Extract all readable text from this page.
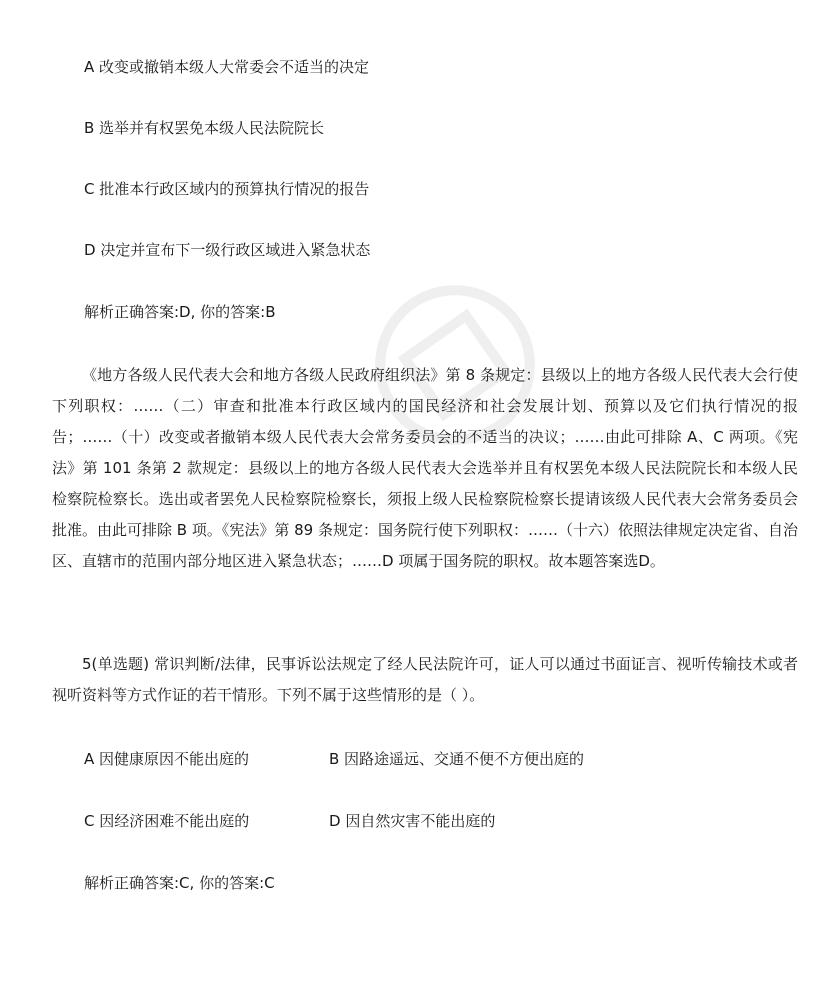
A 改变或撤销本级人大常委会不适当的决定
B 选举并有权罢免本级人民法院院长
C 批准本行政区域内的预算执行情况的报告
D 决定并宣布下一级行政区域进入紧急状态
解析正确答案:D, 你的答案:B

《地方各级人民代表大会和地方各级人民政府组织法》第 8 条规定：县级以上的地方各级人民代表大会行使下列职权：……（二）审查和批准本行政区域内的国民经济和社会发展计划、预算以及它们执行情况的报告；……（十）改变或者撤销本级人民代表大会常务委员会的不适当的决议；……由此可排除 A、C 两项。《宪法》第 101 条第 2 款规定：县级以上的地方各级人民代表大会选举并且有权罢免本级人民法院院长和本级人民检察院检察长。选出或者罢免人民检察院检察长，须报上级人民检察院检察长提请该级人民代表大会常务委员会批准。由此可排除 B 项。《宪法》第 89 条规定：国务院行使下列职权：……（十六）依照法律规定决定省、自治区、直辖市的范围内部分地区进入紧急状态；……D 项属于国务院的职权。故本题答案选D。

5(单选题) 常识判断/法律，民事诉讼法规定了经人民法院许可，证人可以通过书面证言、视听传输技术或者视听资料等方式作证的若干情形。下列不属于这些情形的是（ ）。

A 因健康原因不能出庭的	B 因路途遥远、交通不便不方便出庭的
C 因经济困难不能出庭的	D 因自然灾害不能出庭的
解析正确答案:C, 你的答案:C
